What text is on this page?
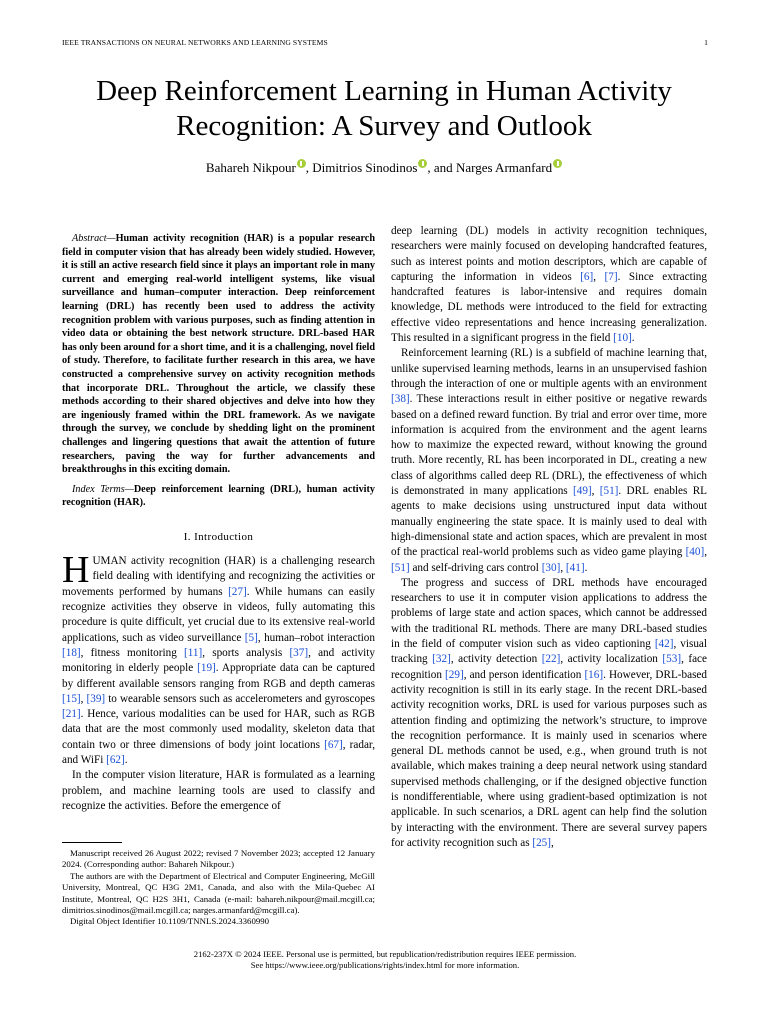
IEEE TRANSACTIONS ON NEURAL NETWORKS AND LEARNING SYSTEMS	1
Deep Reinforcement Learning in Human Activity Recognition: A Survey and Outlook
Bahareh Nikpour , Dimitrios Sinodinos , and Narges Armanfard

Abstract—Human activity recognition (HAR) is a popular research field in computer vision that has already been widely studied. However, it is still an active research field since it plays an important role in many current and emerging real-world intelligent systems, like visual surveillance and human–computer interaction. Deep reinforcement learning (DRL) has recently been used to address the activity recognition problem with various purposes, such as finding attention in video data or obtaining the best network structure. DRL-based HAR has only been around for a short time, and it is a challenging, novel field of study. Therefore, to facilitate further research in this area, we have constructed a comprehensive survey on activity recognition methods that incorporate DRL. Throughout the article, we classify these methods according to their shared objectives and delve into how they are ingeniously framed within the DRL framework. As we navigate through the survey, we conclude by shedding light on the prominent challenges and lingering questions that await the attention of future researchers, paving the way for further advancements and breakthroughs in this exciting domain.

Index Terms—Deep reinforcement learning (DRL), human activity recognition (HAR).

I. Introduction

HUMAN activity recognition (HAR) is a challenging research field dealing with identifying and recognizing the activities or movements performed by humans [27]. While humans can easily recognize activities they observe in videos, fully automating this procedure is quite difficult, yet crucial due to its extensive real-world applications, such as video surveillance [5], human–robot interaction [18], fitness monitoring [11], sports analysis [37], and activity monitoring in elderly people [19]. Appropriate data can be captured by different available sensors ranging from RGB and depth cameras [15], [39] to wearable sensors such as accelerometers and gyroscopes [21]. Hence, various modalities can be used for HAR, such as RGB data that are the most commonly used modality, skeleton data that contain two or three dimensions of body joint locations [67], radar, and WiFi [62].

In the computer vision literature, HAR is formulated as a learning problem, and machine learning tools are used to classify and recognize the activities. Before the emergence of

Manuscript received 26 August 2022; revised 7 November 2023; accepted 12 January 2024. (Corresponding author: Bahareh Nikpour.)

The authors are with the Department of Electrical and Computer Engineering, McGill University, Montreal, QC H3G 2M1, Canada, and also with the Mila-Quebec AI Institute, Montreal, QC H2S 3H1, Canada (e-mail: bahareh.nikpour@mail.mcgill.ca; dimitrios.sinodinos@mail.mcgill.ca; narges.armanfard@mcgill.ca).

Digital Object Identifier 10.1109/TNNLS.2024.3360990

deep learning (DL) models in activity recognition techniques, researchers were mainly focused on developing handcrafted features, such as interest points and motion descriptors, which are capable of capturing the information in videos [6], [7]. Since extracting handcrafted features is labor-intensive and requires domain knowledge, DL methods were introduced to the field for extracting effective video representations and hence increasing generalization. This resulted in a significant progress in the field [10].

Reinforcement learning (RL) is a subfield of machine learning that, unlike supervised learning methods, learns in an unsupervised fashion through the interaction of one or multiple agents with an environment [38]. These interactions result in either positive or negative rewards based on a defined reward function. By trial and error over time, more information is acquired from the environment and the agent learns how to maximize the expected reward, without knowing the ground truth. More recently, RL has been incorporated in DL, creating a new class of algorithms called deep RL (DRL), the effectiveness of which is demonstrated in many applications [49], [51]. DRL enables RL agents to make decisions using unstructured input data without manually engineering the state space. It is mainly used to deal with high-dimensional state and action spaces, which are prevalent in most of the practical real-world problems such as video game playing [40], [51] and self-driving cars control [30], [41].

The progress and success of DRL methods have encouraged researchers to use it in computer vision applications to address the problems of large state and action spaces, which cannot be addressed with the traditional RL methods. There are many DRL-based studies in the field of computer vision such as video captioning [42], visual tracking [32], activity detection [22], activity localization [53], face recognition [29], and person identification [16]. However, DRL-based activity recognition is still in its early stage. In the recent DRL-based activity recognition works, DRL is used for various purposes such as attention finding and optimizing the network’s structure, to improve the recognition performance. It is mainly used in scenarios where general DL methods cannot be used, e.g., when ground truth is not available, which makes training a deep neural network using standard supervised methods challenging, or if the designed objective function is nondifferentiable, where using gradient-based optimization is not applicable. In such scenarios, a DRL agent can help find the solution by interacting with the environment. There are several survey papers for activity recognition such as [25],

2162-237X © 2024 IEEE. Personal use is permitted, but republication/redistribution requires IEEE permission.
See https://www.ieee.org/publications/rights/index.html for more information.
